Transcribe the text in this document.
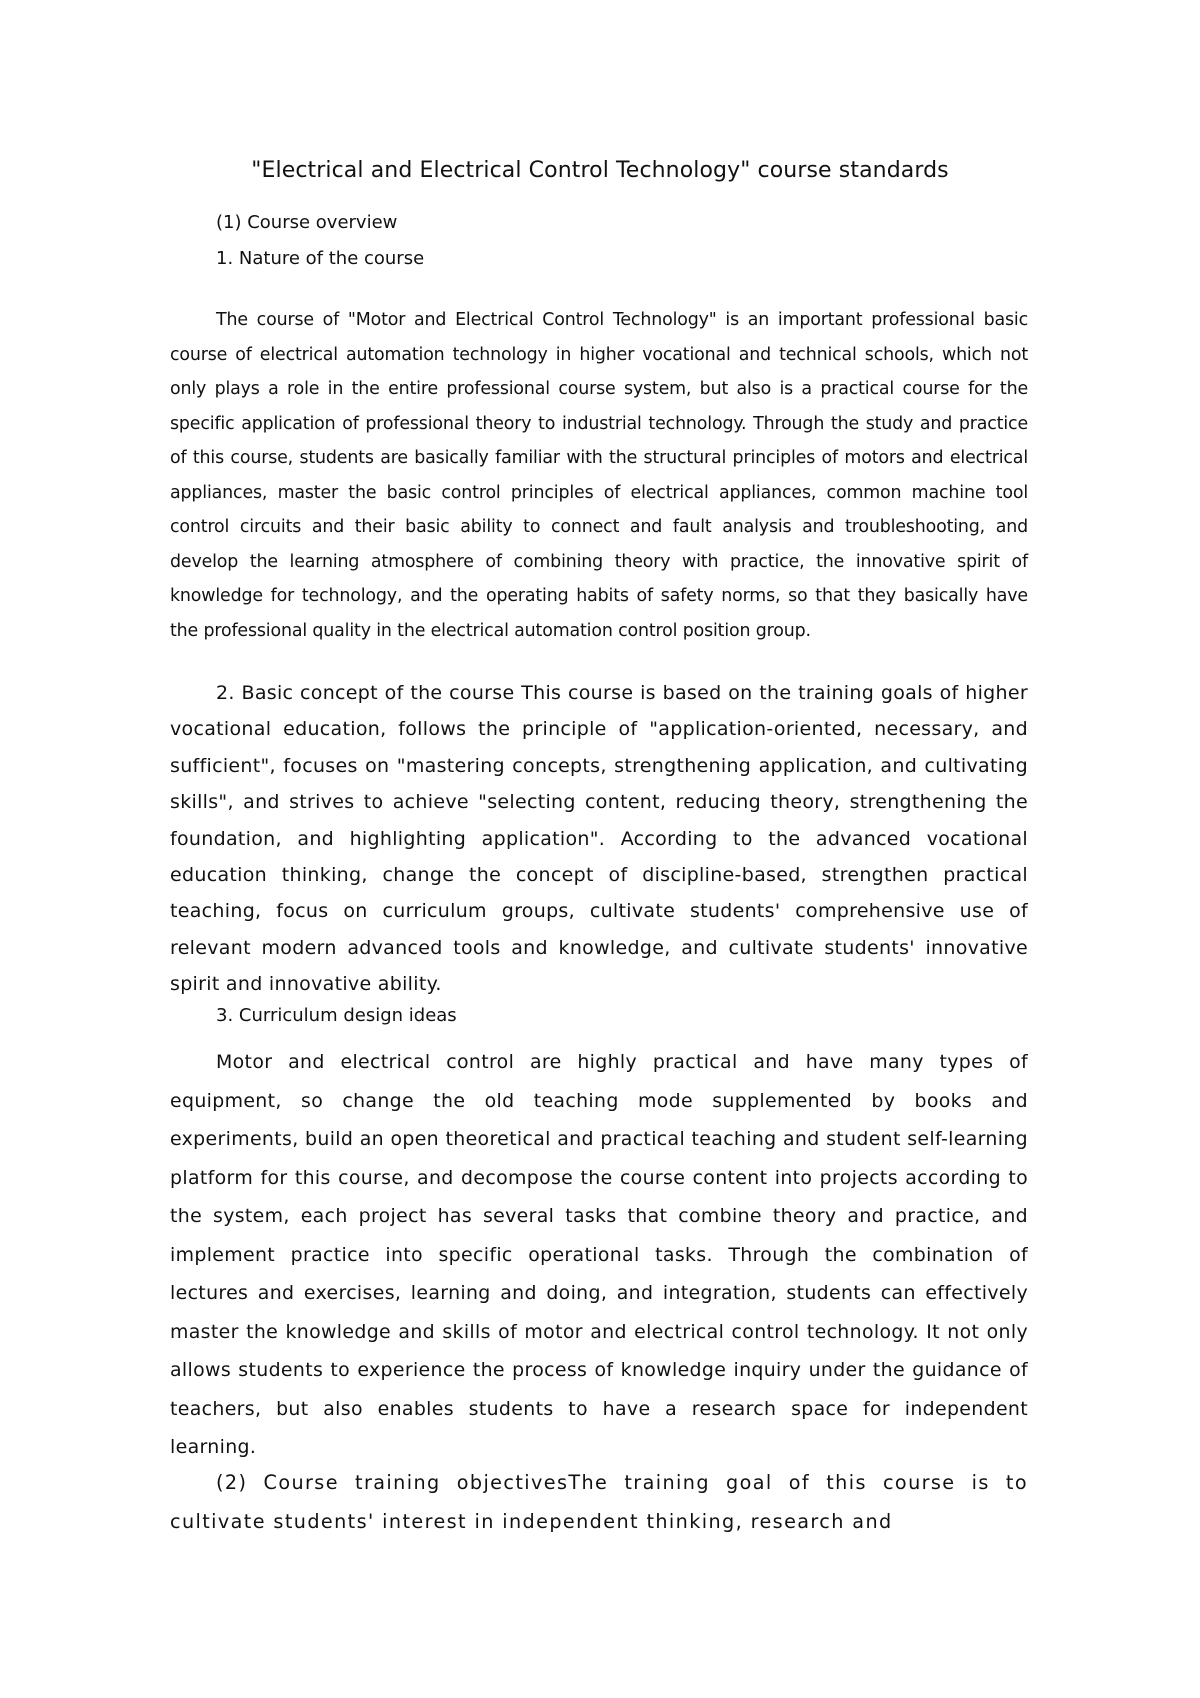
"Electrical and Electrical Control Technology" course standards

(1) Course overview

1. Nature of the course

The course of "Motor and Electrical Control Technology" is an important professional basic course of electrical automation technology in higher vocational and technical schools, which not only plays a role in the entire professional course system, but also is a practical course for the specific application of professional theory to industrial technology. Through the study and practice of this course, students are basically familiar with the structural principles of motors and electrical appliances, master the basic control principles of electrical appliances, common machine tool control circuits and their basic ability to connect and fault analysis and troubleshooting, and develop the learning atmosphere of combining theory with practice, the innovative spirit of knowledge for technology, and the operating habits of safety norms, so that they basically have the professional quality in the electrical automation control position group.

2. Basic concept of the course This course is based on the training goals of higher vocational education, follows the principle of "application-oriented, necessary, and sufficient", focuses on "mastering concepts, strengthening application, and cultivating skills", and strives to achieve "selecting content, reducing theory, strengthening the foundation, and highlighting application". According to the advanced vocational education thinking, change the concept of discipline-based, strengthen practical teaching, focus on curriculum groups, cultivate students' comprehensive use of relevant modern advanced tools and knowledge, and cultivate students' innovative spirit and innovative ability.

3. Curriculum design ideas

Motor and electrical control are highly practical and have many types of equipment, so change the old teaching mode supplemented by books and experiments, build an open theoretical and practical teaching and student self-learning platform for this course, and decompose the course content into projects according to the system, each project has several tasks that combine theory and practice, and implement practice into specific operational tasks. Through the combination of lectures and exercises, learning and doing, and integration, students can effectively master the knowledge and skills of motor and electrical control technology. It not only allows students to experience the process of knowledge inquiry under the guidance of teachers, but also enables students to have a research space for independent learning.

(2) Course training objectivesThe training goal of this course is to cultivate students' interest in independent thinking, research and
